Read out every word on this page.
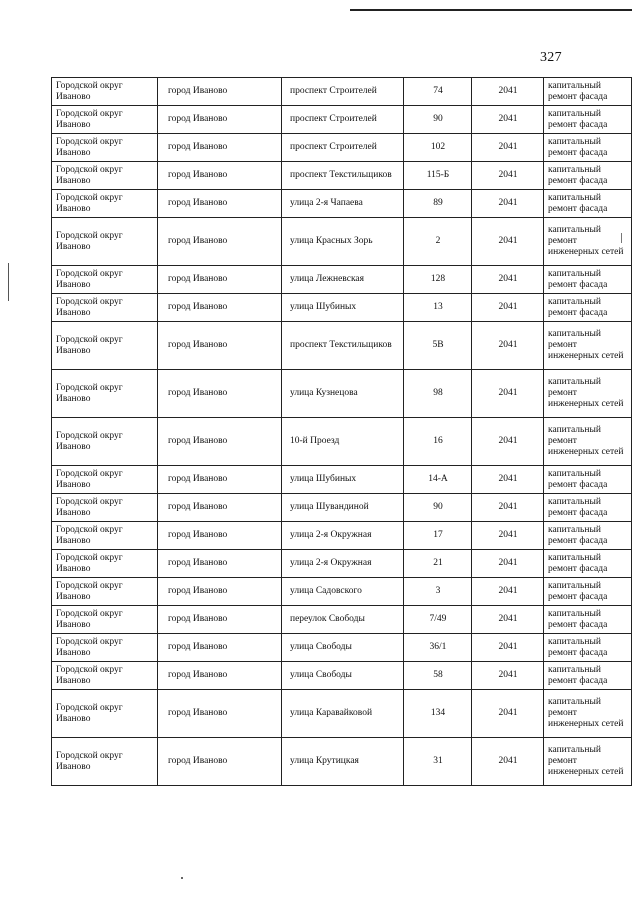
327
Городской округ Иваново	город Иваново	проспект Строителей	74	2041	капитальный ремонт фасада
Городской округ Иваново	город Иваново	проспект Строителей	90	2041	капитальный ремонт фасада
Городской округ Иваново	город Иваново	проспект Строителей	102	2041	капитальный ремонт фасада
Городской округ Иваново	город Иваново	проспект Текстильщиков	115-Б	2041	капитальный ремонт фасада
Городской округ Иваново	город Иваново	улица 2-я Чапаева	89	2041	капитальный ремонт фасада
Городской округ Иваново	город Иваново	улица Красных Зорь	2	2041	капитальный ремонт инженерных сетей
Городской округ Иваново	город Иваново	улица Лежневская	128	2041	капитальный ремонт фасада
Городской округ Иваново	город Иваново	улица Шубиных	13	2041	капитальный ремонт фасада
Городской округ Иваново	город Иваново	проспект Текстильщиков	5В	2041	капитальный ремонт инженерных сетей
Городской округ Иваново	город Иваново	улица Кузнецова	98	2041	капитальный ремонт инженерных сетей
Городской округ Иваново	город Иваново	10-й Проезд	16	2041	капитальный ремонт инженерных сетей
Городской округ Иваново	город Иваново	улица Шубиных	14-А	2041	капитальный ремонт фасада
Городской округ Иваново	город Иваново	улица Шувандиной	90	2041	капитальный ремонт фасада
Городской округ Иваново	город Иваново	улица 2-я Окружная	17	2041	капитальный ремонт фасада
Городской округ Иваново	город Иваново	улица 2-я Окружная	21	2041	капитальный ремонт фасада
Городской округ Иваново	город Иваново	улица Садовского	3	2041	капитальный ремонт фасада
Городской округ Иваново	город Иваново	переулок Свободы	7/49	2041	капитальный ремонт фасада
Городской округ Иваново	город Иваново	улица Свободы	36/1	2041	капитальный ремонт фасада
Городской округ Иваново	город Иваново	улица Свободы	58	2041	капитальный ремонт фасада
Городской округ Иваново	город Иваново	улица Каравайковой	134	2041	капитальный ремонт инженерных сетей
Городской округ Иваново	город Иваново	улица Крутицкая	31	2041	капитальный ремонт инженерных сетей
